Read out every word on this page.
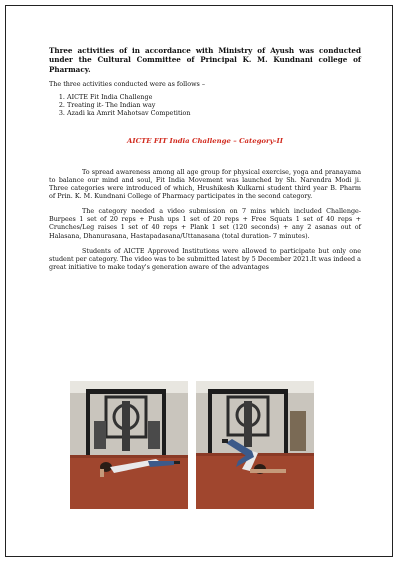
Three activities of in accordance with Ministry of Ayush was conducted under the Cultural Committee of Principal K. M. Kundnani college of Pharmacy.

The three activities conducted were as follows –

1. AICTE Fit India Challenge
2. Treating it- The Indian way
3. Azadi ka Amrit Mahotsav Competition
AICTE FIT India Challenge – Category-II

To spread awareness among all age group for physical exercise, yoga and pranayama to balance our mind and soul, Fit India Movement was launched by Sh. Narendra Modi ji. Three categories were introduced of which, Hrushikesh Kulkarni student third year B. Pharm of Prin. K. M. Kundnani College of Pharmacy participates in the second category.

The category needed a video submission on 7 mins which included Challenge-Burpees 1 set of 20 reps + Push ups 1 set of 20 reps + Free Squats 1 set of 40 reps + Crunches/Leg raises 1 set of 40 reps + Plank 1 set (120 seconds) + any 2 asanas out of Halasana, Dhanurasana, Hastapadasana/Uttanasana (total duration- 7 minutes).

Students of AICTE Approved Institutions were allowed to participate but only one student per category. The video was to be submitted latest by 5 December 2021.It was indeed a great initiative to make today's generation aware of the advantages
